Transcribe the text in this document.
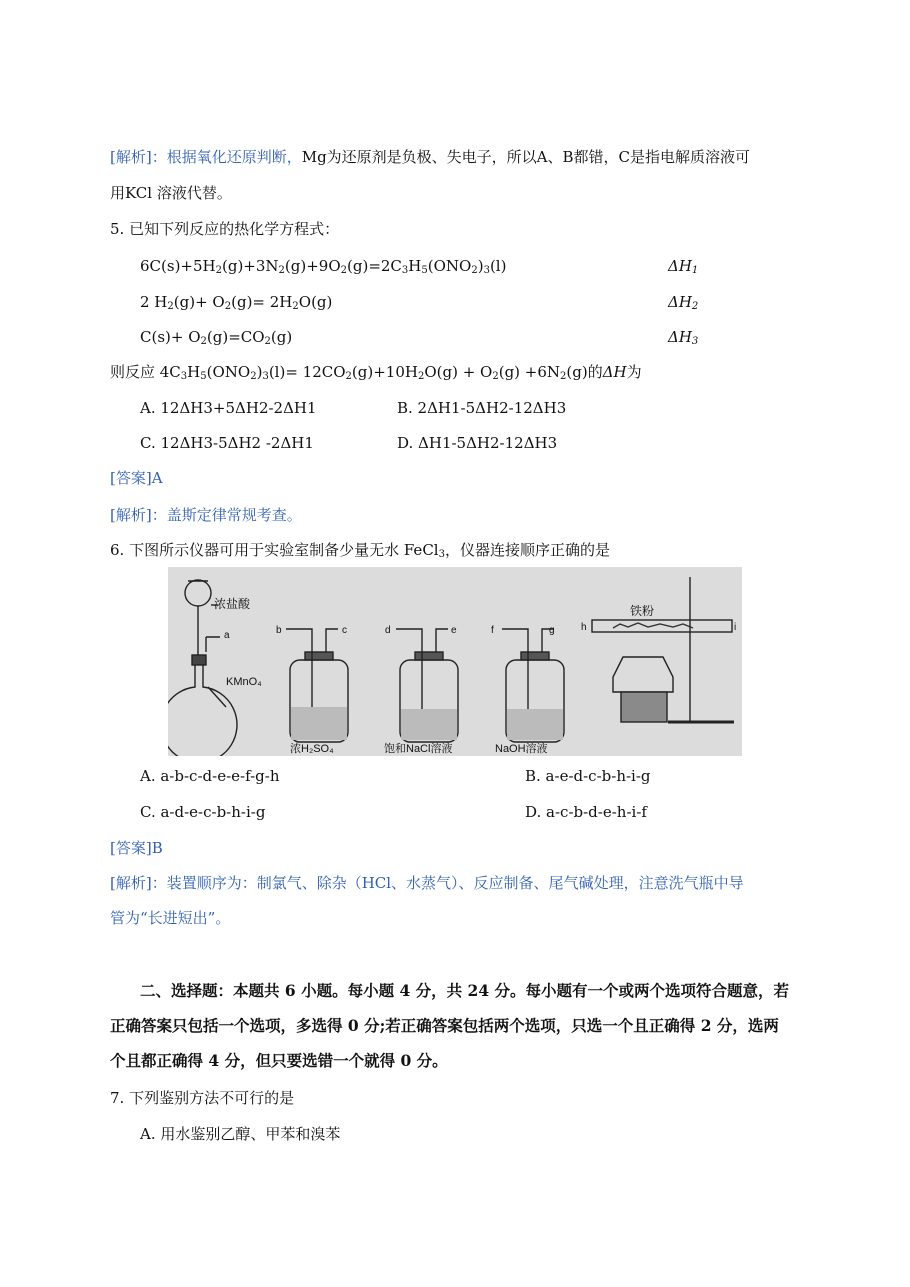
[解析]：根据氧化还原判断，Mg为还原剂是负极、失电子，所以A、B都错，C是指电解质溶液可
用KCl 溶液代替。
5. 已知下列反应的热化学方程式：
$6C(s)+5H_2(g)+3N_2(g)+9O_2(g)=2C_3H_5(ONO_2)_3(l)$	$\Delta H_1$
2 $H_2(g)+ O_2(g)= 2H_2O(g)$	$\Delta H_2$
$C(s)+ O_2(g)=CO_2(g)$	$\Delta H_3$
则反应 $4C_3H_5(ONO_2)_3(l)= 12CO_2(g)+10H_2O(g) + O_2(g) +6N_2(g)$的ΔH为
A. 12ΔH3+5ΔH2-2ΔH1	B. 2ΔH1-5ΔH2-12ΔH3
C. 12ΔH3-5ΔH2 -2ΔH1	D. ΔH1-5ΔH2-12ΔH3
[答案]A
[解析]：盖斯定律常规考查。
6. 下图所示仪器可用于实验室制备少量无水 FeCl$_3$，仪器连接顺序正确的是
浓盐酸
a
KMnO₄
b	c
浓H₂SO₄
d	e
饱和NaCl溶液
f	g
NaOH溶液
h	i
铁粉
A. a-b-c-d-e-e-f-g-h	B. a-e-d-c-b-h-i-g
C. a-d-e-c-b-h-i-g	D. a-c-b-d-e-h-i-f
[答案]B
[解析]：装置顺序为：制氯气、除杂（HCl、水蒸气）、反应制备、尾气碱处理，注意洗气瓶中导
管为“长进短出”。
二、选择题：本题共 6 小题。每小题 4 分，共 24 分。每小题有一个或两个选项符合题意，若
正确答案只包括一个选项，多选得 0 分;若正确答案包括两个选项，只选一个且正确得 2 分，选两
个且都正确得 4 分，但只要选错一个就得 0 分。
7. 下列鉴别方法不可行的是
A. 用水鉴别乙醇、甲苯和溴苯
